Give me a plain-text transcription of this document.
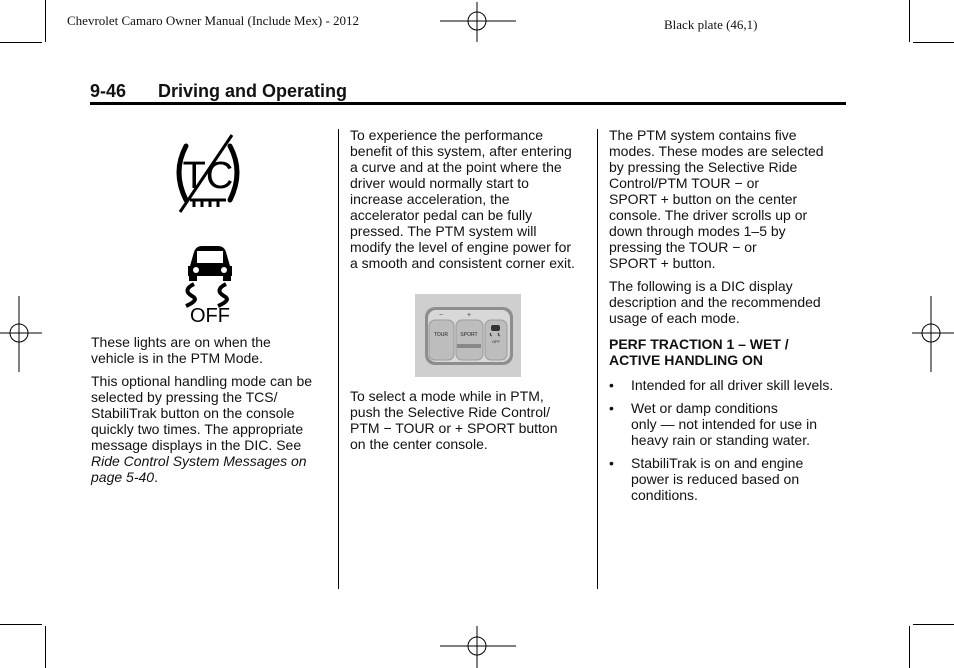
Chevrolet Camaro Owner Manual (Include Mex) - 2012	Black plate (46,1)
9-46 Driving and Operating
TC
OFF

These lights are on when the
vehicle is in the PTM Mode.

This optional handling mode can be
selected by pressing the TCS/
StabiliTrak button on the console
quickly two times. The appropriate
message displays in the DIC. See
Ride Control System Messages on
page 5-40.

To experience the performance
benefit of this system, after entering
a curve and at the point where the
driver would normally start to
increase acceleration, the
accelerator pedal can be fully
pressed. The PTM system will
modify the level of engine power for
a smooth and consistent corner exit.

−	+
TOUR SPORT
OFF

To select a mode while in PTM,
push the Selective Ride Control/
PTM − TOUR or + SPORT button
on the center console.

The PTM system contains five
modes. These modes are selected
by pressing the Selective Ride
Control/PTM TOUR − or
SPORT + button on the center
console. The driver scrolls up or
down through modes 1–5 by
pressing the TOUR − or
SPORT + button.

The following is a DIC display
description and the recommended
usage of each mode.

PERF TRACTION 1 – WET /
ACTIVE HANDLING ON
• Intended for all driver skill levels.
• Wet or damp conditions
only — not intended for use in
heavy rain or standing water.
• StabiliTrak is on and engine
power is reduced based on
conditions.
